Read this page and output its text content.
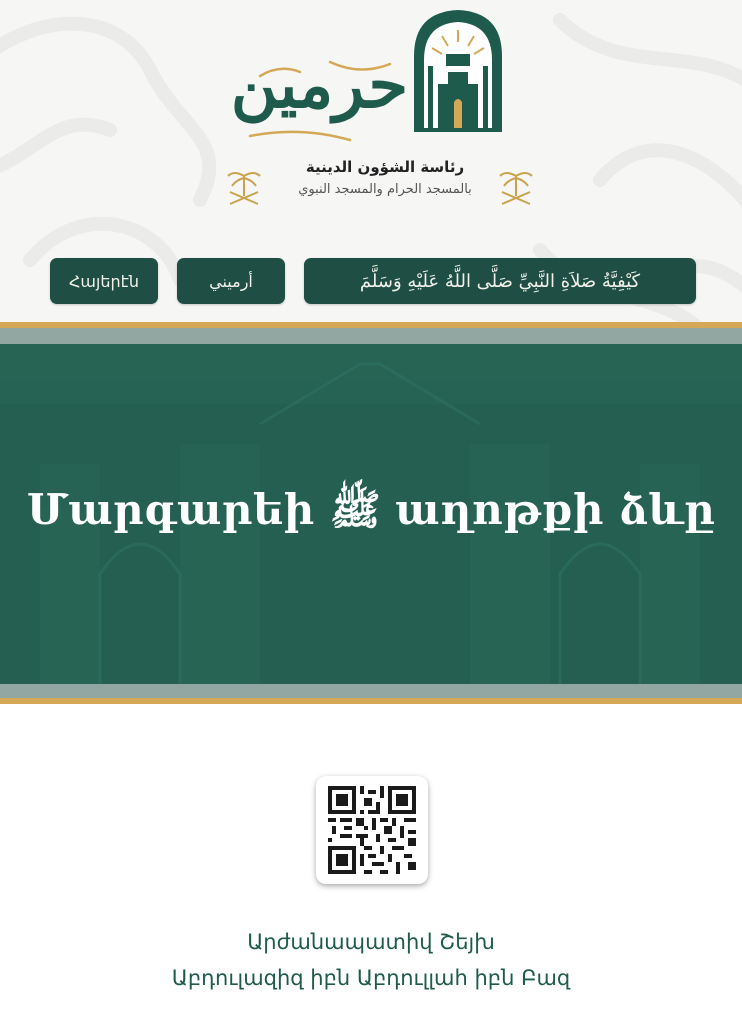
حرمين
رئاسة الشؤون الدينية
بالمسجد الحرام والمسجد النبوي
Հայերէն	أرميني	كَيْفِيَّةُ صَلاَةِ النَّبِيِّ صَلَّى اللَّهُ عَلَيْهِ وَسَلَّمَ
Մարգարեի ﷺ աղոթքի ձևը
Արժանապատիվ Շեյխ
Աբդուլազիզ իբն Աբդուլլահ իբն Բազ
